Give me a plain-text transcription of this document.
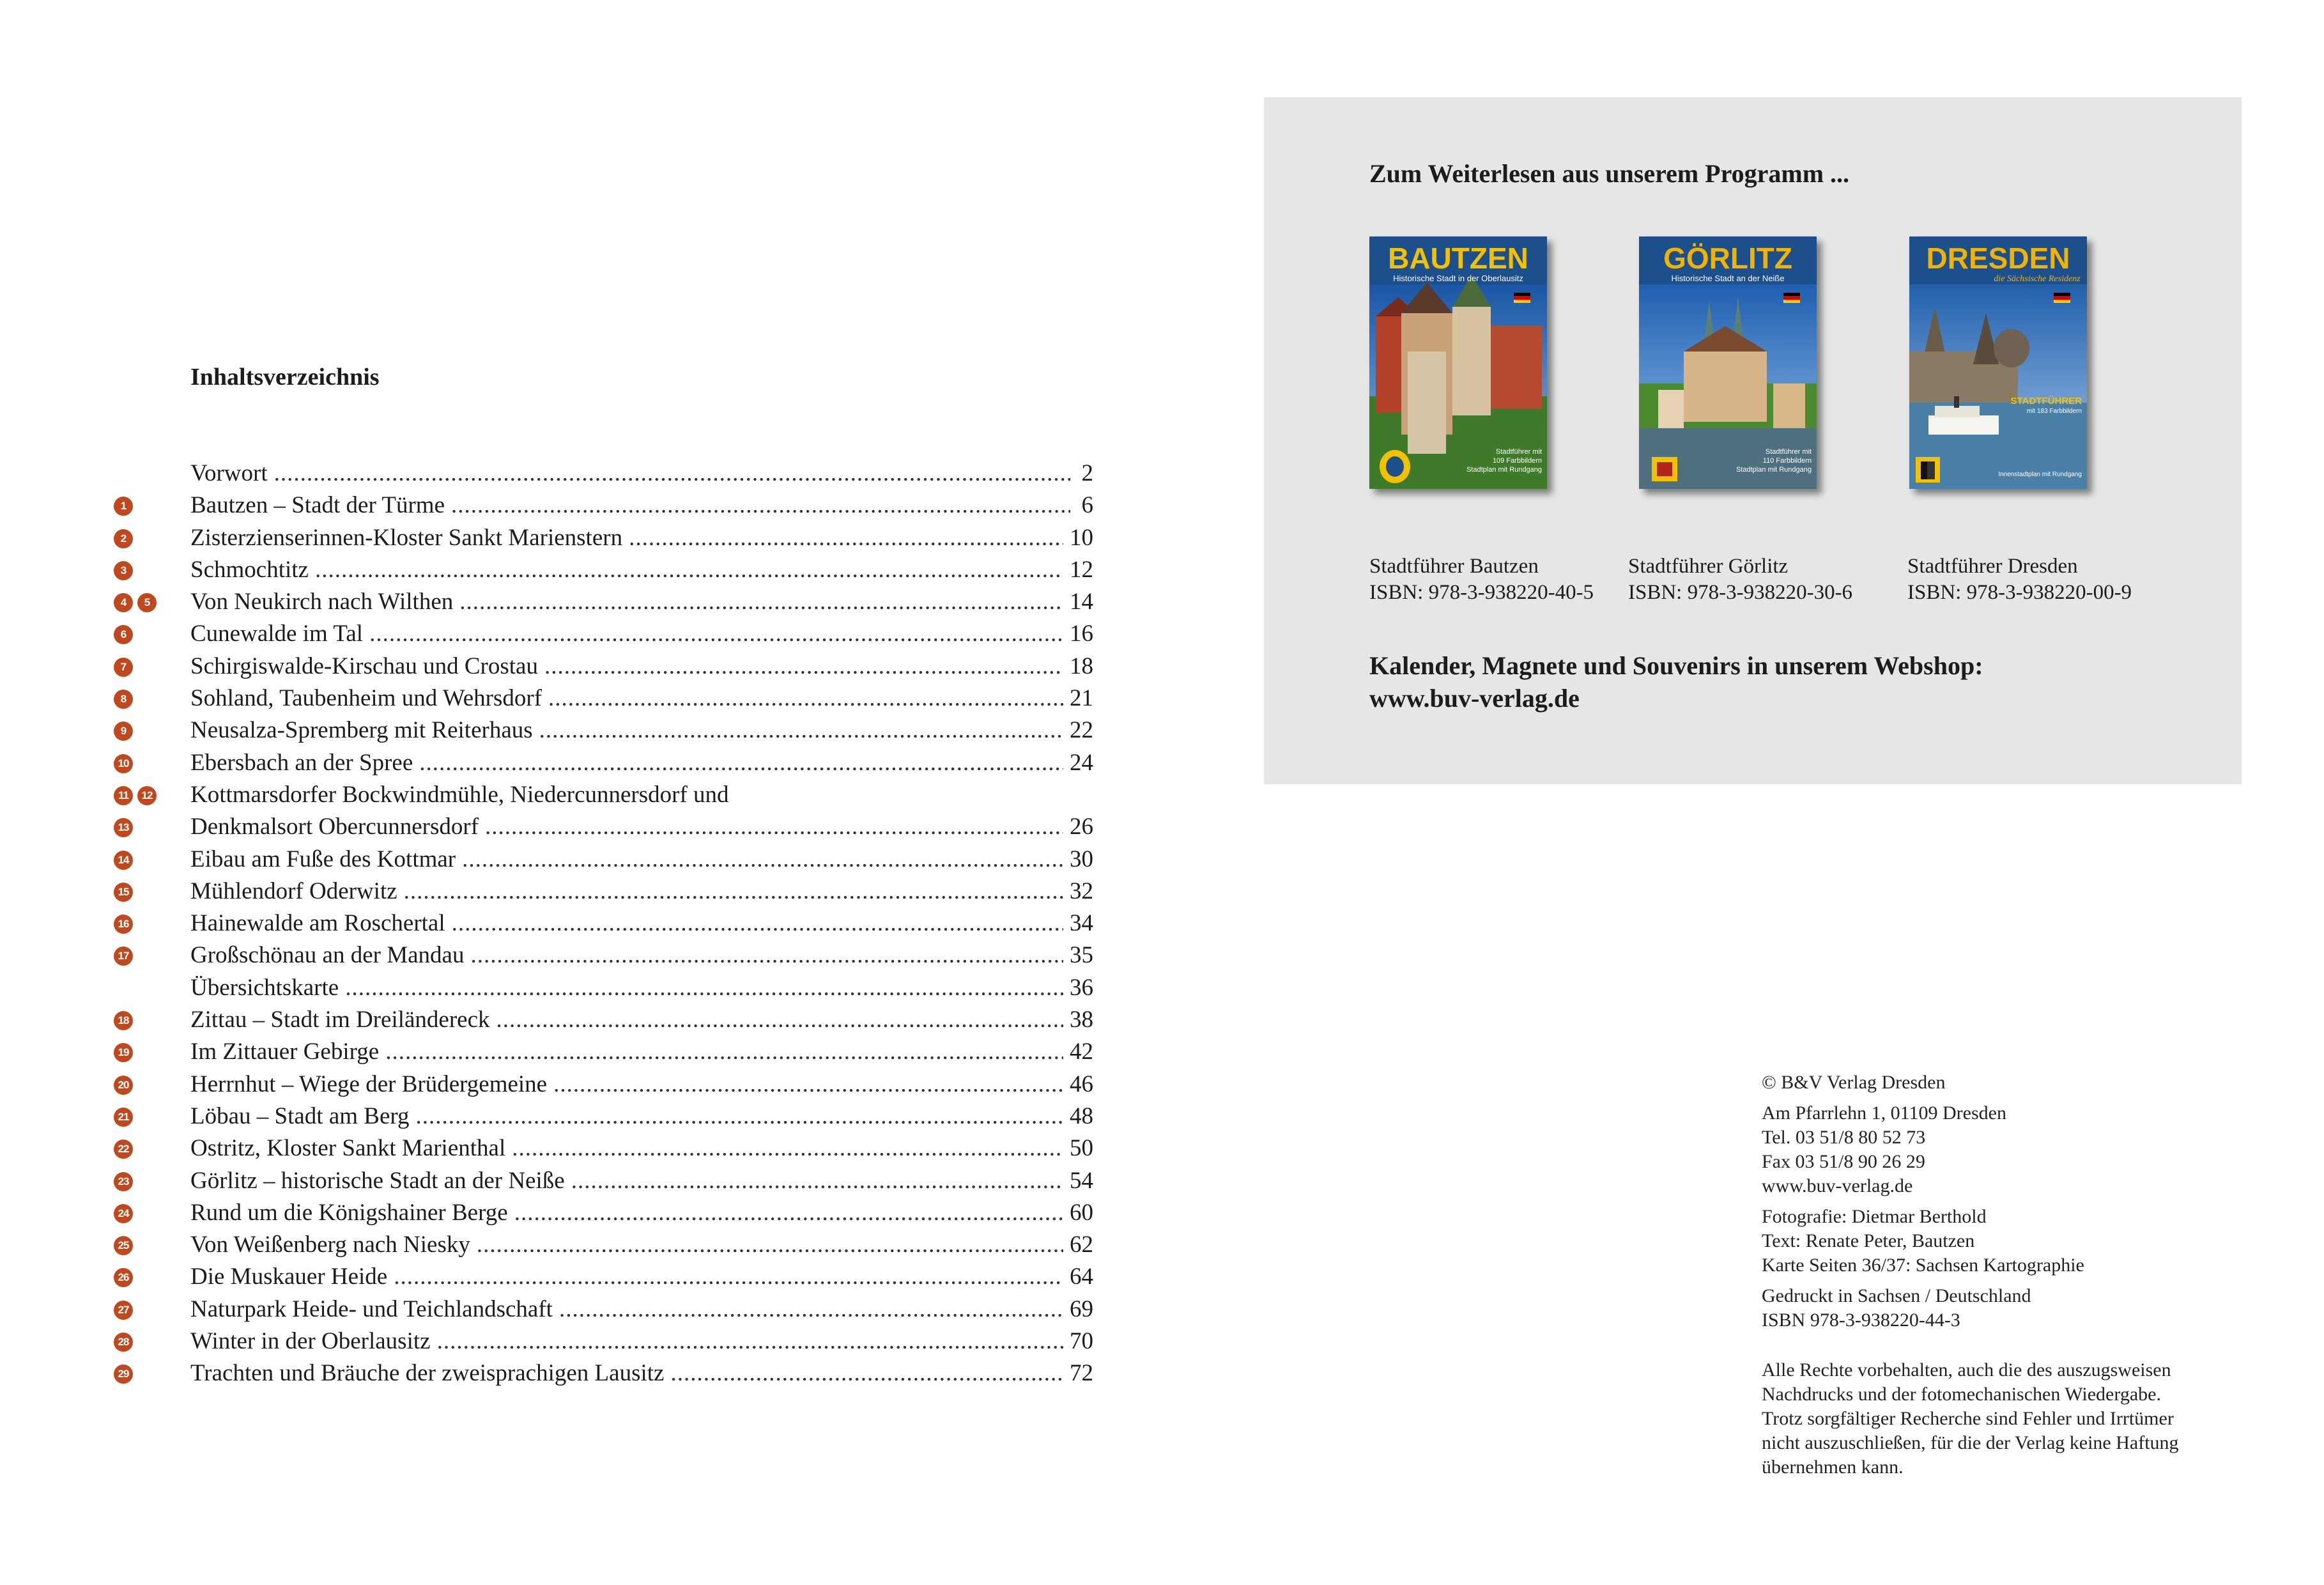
Inhaltsverzeichnis
Vorwort .....	2
1	Bautzen – Stadt der Türme .....	6
2	Zisterzienserinnen-Kloster Sankt Marienstern .....	10
3	Schmochtitz .....	12
4 5	Von Neukirch nach Wilthen .....	14
6	Cunewalde im Tal .....	16
7	Schirgiswalde-Kirschau und Crostau .....	18
8	Sohland, Taubenheim und Wehrsdorf .....	21
9	Neusalza-Spremberg mit Reiterhaus .....	22
10	Ebersbach an der Spree .....	24
11 12	Kottmarsdorfer Bockwindmühle, Niedercunnersdorf und
13	Denkmalsort Obercunnersdorf .....	26
14	Eibau am Fuße des Kottmar .....	30
15	Mühlendorf Oderwitz .....	32
16	Hainewalde am Roschertal .....	34
17	Großschönau an der Mandau .....	35
Übersichtskarte .....	36
18	Zittau – Stadt im Dreiländereck .....	38
19	Im Zittauer Gebirge .....	42
20	Herrnhut – Wiege der Brüdergemeine .....	46
21	Löbau – Stadt am Berg .....	48
22	Ostritz, Kloster Sankt Marienthal .....	50
23	Görlitz – historische Stadt an der Neiße .....	54
24	Rund um die Königshainer Berge .....	60
25	Von Weißenberg nach Niesky .....	62
26	Die Muskauer Heide .....	64
27	Naturpark Heide- und Teichlandschaft .....	69
28	Winter in der Oberlausitz .....	70
29	Trachten und Bräuche der zweisprachigen Lausitz .....	72
Zum Weiterlesen aus unserem Programm ...
BAUTZEN
Historische Stadt in der Oberlausitz
Stadtführer mit
109 Farbbildern
Stadtplan mit Rundgang
GÖRLITZ
Historische Stadt an der Neiße
Stadtführer mit
110 Farbbildern
Stadtplan mit Rundgang
DRESDEN
die Sächsische Residenz
STADTFÜHRER
mit 183 Farbbildern
Innenstadtplan mit Rundgang
Stadtführer Bautzen
ISBN: 978-3-938220-40-5
Stadtführer Görlitz
ISBN: 978-3-938220-30-6
Stadtführer Dresden
ISBN: 978-3-938220-00-9

Kalender, Magnete und Souvenirs in unserem Webshop:
www.buv-verlag.de

© B&V Verlag Dresden

Am Pfarrlehn 1, 01109 Dresden

Tel. 03 51/8 80 52 73

Fax 03 51/8 90 26 29

www.buv-verlag.de

Fotografie: Dietmar Berthold

Text: Renate Peter, Bautzen

Karte Seiten 36/37: Sachsen Kartographie

Gedruckt in Sachsen / Deutschland

ISBN 978-3-938220-44-3

Alle Rechte vorbehalten, auch die des auszugsweisen

Nachdrucks und der fotomechanischen Wiedergabe.

Trotz sorgfältiger Recherche sind Fehler und Irrtümer

nicht auszuschließen, für die der Verlag keine Haftung

übernehmen kann.
